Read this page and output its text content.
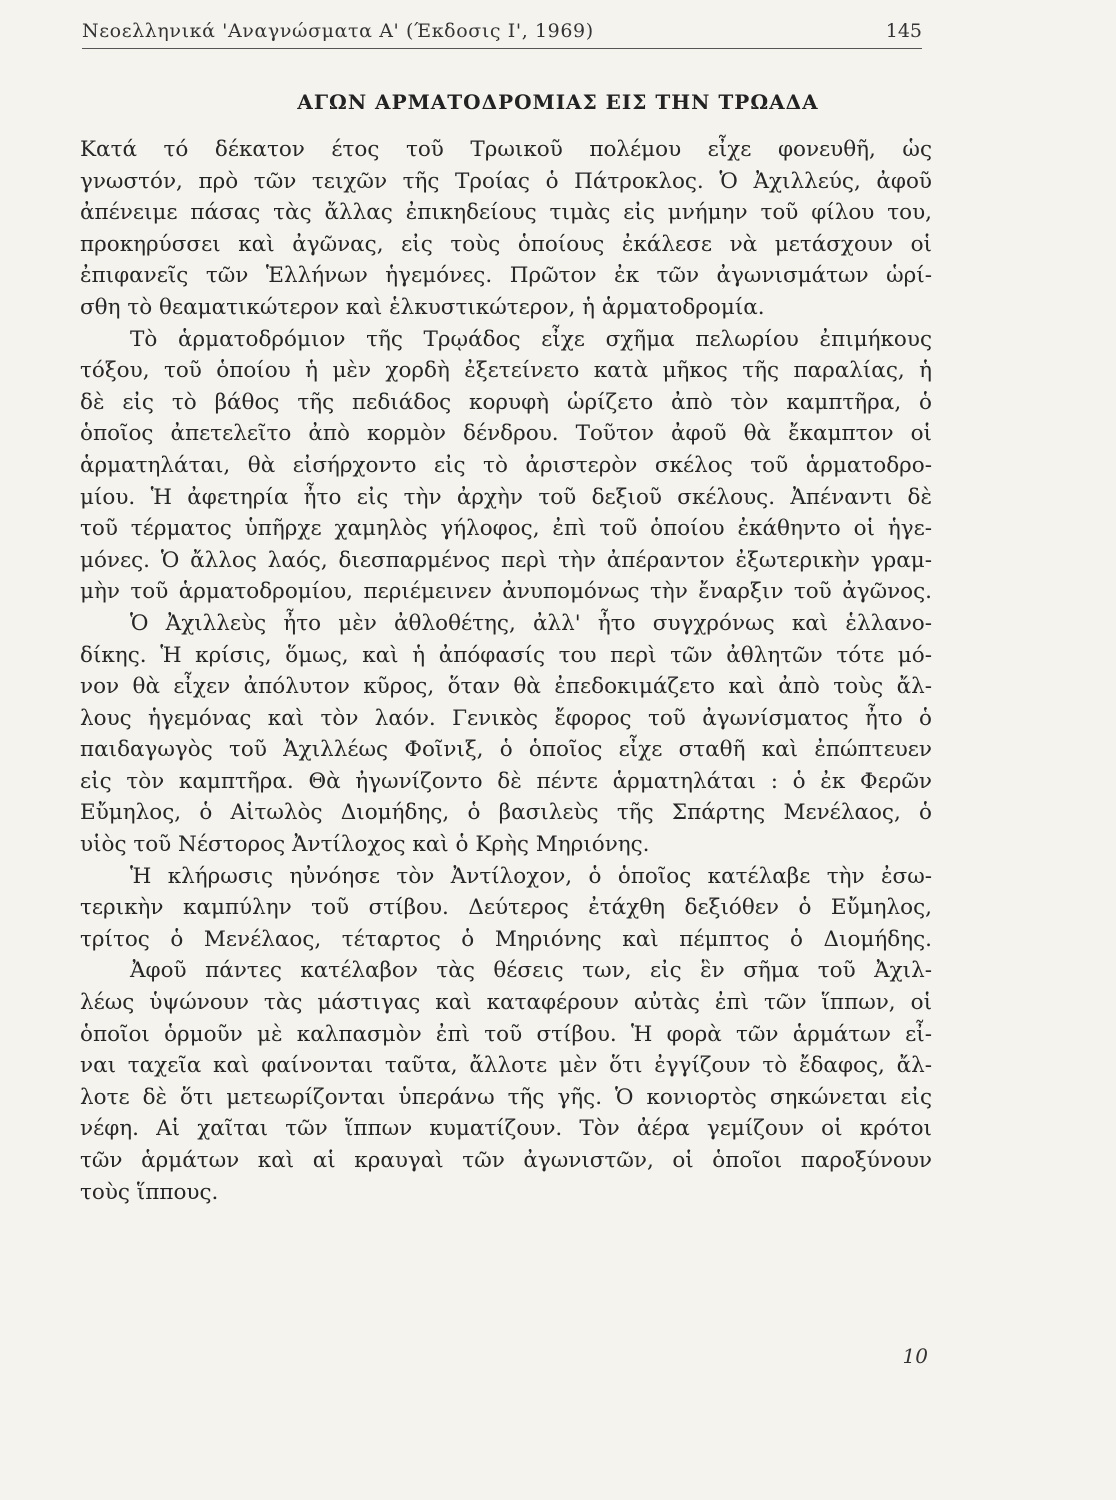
Νεοελληνικά 'Αναγνώσματα Α' (Έκδοσις Ι', 1969)	145
ΑΓΩΝ ΑΡΜΑΤΟΔΡΟΜΙΑΣ ΕΙΣ ΤΗΝ ΤΡΩΑΔΑ
Κατά τό δέκατον έτος τοῦ Τρωικοῦ πολέμου εἶχε φονευθῆ, ὡς
γνωστόν, πρὸ τῶν τειχῶν τῆς Τροίας ὁ Πάτροκλος. Ὁ Ἀχιλλεύς, ἀφοῦ
ἀπένειμε πάσας τὰς ἄλλας ἐπικηδείους τιμὰς εἰς μνήμην τοῦ φίλου του,
προκηρύσσει καὶ ἀγῶνας, εἰς τοὺς ὁποίους ἐκάλεσε νὰ μετάσχουν οἱ
ἐπιφανεῖς τῶν Ἑλλήνων ἡγεμόνες. Πρῶτον ἐκ τῶν ἀγωνισμάτων ὡρί-
σθη τὸ θεαματικώτερον καὶ ἑλκυστικώτερον, ἡ ἁρματοδρομία.
Τὸ ἁρματοδρόμιον τῆς Τρῳάδος εἶχε σχῆμα πελωρίου ἐπιμήκους
τόξου, τοῦ ὁποίου ἡ μὲν χορδὴ ἐξετείνετο κατὰ μῆκος τῆς παραλίας, ἡ
δὲ εἰς τὸ βάθος τῆς πεδιάδος κορυφὴ ὡρίζετο ἀπὸ τὸν καμπτῆρα, ὁ
ὁποῖος ἀπετελεῖτο ἀπὸ κορμὸν δένδρου. Τοῦτον ἀφοῦ θὰ ἔκαμπτον οἱ
ἁρματηλάται, θὰ εἰσήρχοντο εἰς τὸ ἀριστερὸν σκέλος τοῦ ἁρματοδρο-
μίου. Ἡ ἀφετηρία ἦτο εἰς τὴν ἀρχὴν τοῦ δεξιοῦ σκέλους. Ἀπέναντι δὲ
τοῦ τέρματος ὑπῆρχε χαμηλὸς γήλοφος, ἐπὶ τοῦ ὁποίου ἐκάθηντο οἱ ἡγε-
μόνες. Ὁ ἄλλος λαός, διεσπαρμένος περὶ τὴν ἀπέραντον ἐξωτερικὴν γραμ-
μὴν τοῦ ἁρματοδρομίου, περιέμεινεν ἀνυπομόνως τὴν ἔναρξιν τοῦ ἀγῶνος.
Ὁ Ἀχιλλεὺς ἦτο μὲν ἀθλοθέτης, ἀλλ' ἦτο συγχρόνως καὶ ἑλλανο-
δίκης. Ἡ κρίσις, ὅμως, καὶ ἡ ἀπόφασίς του περὶ τῶν ἀθλητῶν τότε μό-
νον θὰ εἶχεν ἀπόλυτον κῦρος, ὅταν θὰ ἐπεδοκιμάζετο καὶ ἀπὸ τοὺς ἄλ-
λους ἡγεμόνας καὶ τὸν λαόν. Γενικὸς ἔφορος τοῦ ἀγωνίσματος ἦτο ὁ
παιδαγωγὸς τοῦ Ἀχιλλέως Φοῖνιξ, ὁ ὁποῖος εἶχε σταθῆ καὶ ἐπώπτευεν
εἰς τὸν καμπτῆρα. Θὰ ἠγωνίζοντο δὲ πέντε ἁρματηλάται : ὁ ἐκ Φερῶν
Εὔμηλος, ὁ Αἰτωλὸς Διομήδης, ὁ βασιλεὺς τῆς Σπάρτης Μενέλαος, ὁ
υἱὸς τοῦ Νέστορος Ἀντίλοχος καὶ ὁ Κρὴς Μηριόνης.
Ἡ κλήρωσις ηὐνόησε τὸν Ἀντίλοχον, ὁ ὁποῖος κατέλαβε τὴν ἐσω-
τερικὴν καμπύλην τοῦ στίβου. Δεύτερος ἐτάχθη δεξιόθεν ὁ Εὔμηλος,
τρίτος ὁ Μενέλαος, τέταρτος ὁ Μηριόνης καὶ πέμπτος ὁ Διομήδης.
Ἀφοῦ πάντες κατέλαβον τὰς θέσεις των, εἰς ἓν σῆμα τοῦ Ἀχιλ-
λέως ὑψώνουν τὰς μάστιγας καὶ καταφέρουν αὐτὰς ἐπὶ τῶν ἵππων, οἱ
ὁποῖοι ὁρμοῦν μὲ καλπασμὸν ἐπὶ τοῦ στίβου. Ἡ φορὰ τῶν ἁρμάτων εἶ-
ναι ταχεῖα καὶ φαίνονται ταῦτα, ἄλλοτε μὲν ὅτι ἐγγίζουν τὸ ἔδαφος, ἄλ-
λοτε δὲ ὅτι μετεωρίζονται ὑπεράνω τῆς γῆς. Ὁ κονιορτὸς σηκώνεται εἰς
νέφη. Αἱ χαῖται τῶν ἵππων κυματίζουν. Τὸν ἀέρα γεμίζουν οἱ κρότοι
τῶν ἁρμάτων καὶ αἱ κραυγαὶ τῶν ἀγωνιστῶν, οἱ ὁποῖοι παροξύνουν
τοὺς ἵππους.
10
